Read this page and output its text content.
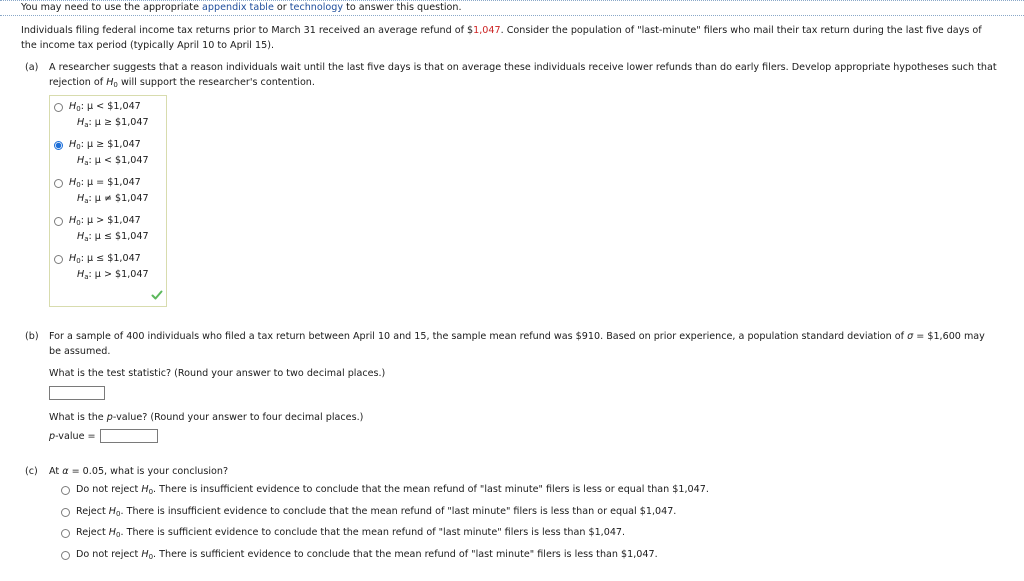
You may need to use the appropriate appendix table or technology to answer this question.
Individuals filing federal income tax returns prior to March 31 received an average refund of $1,047. Consider the population of "last-minute" filers who mail their tax return during the last five days of
the income tax period (typically April 10 to April 15).
(a) A researcher suggests that a reason individuals wait until the last five days is that on average these individuals receive lower refunds than do early filers. Develop appropriate hypotheses such that
rejection of $H_0$ will support the researcher's contention.
$H_0$: μ < $1,047
$H_a$: μ ≥ $1,047
$H_0$: μ ≥ $1,047
$H_a$: μ < $1,047
$H_0$: μ = $1,047
$H_a$: μ ≠ $1,047
$H_0$: μ > $1,047
$H_a$: μ ≤ $1,047
$H_0$: μ ≤ $1,047
$H_a$: μ > $1,047
(b) For a sample of 400 individuals who filed a tax return between April 10 and 15, the sample mean refund was $910. Based on prior experience, a population standard deviation of σ = $1,600 may
be assumed.
What is the test statistic? (Round your answer to two decimal places.)
What is the p-value? (Round your answer to four decimal places.)
p-value =
(c) At α = 0.05, what is your conclusion?
Do not reject $H_0$. There is insufficient evidence to conclude that the mean refund of "last minute" filers is less or equal than $1,047.
Reject $H_0$. There is insufficient evidence to conclude that the mean refund of "last minute" filers is less than or equal $1,047.
Reject $H_0$. There is sufficient evidence to conclude that the mean refund of "last minute" filers is less than $1,047.
Do not reject $H_0$. There is sufficient evidence to conclude that the mean refund of "last minute" filers is less than $1,047.
